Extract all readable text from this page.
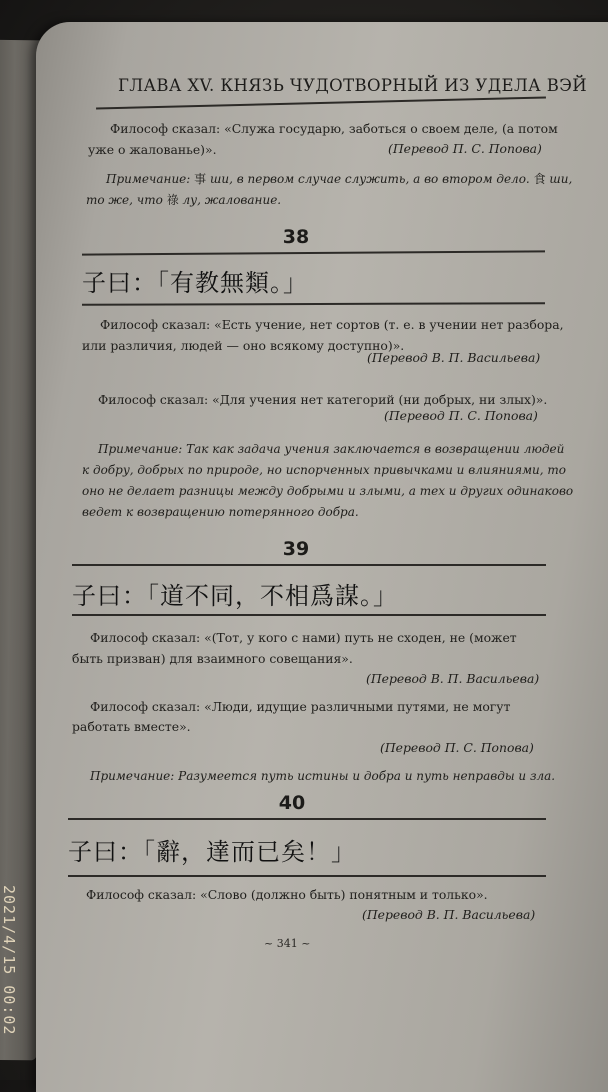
ГЛАВА XV. КНЯЗЬ ЧУДОТВОРНЫЙ ИЗ УДЕЛА ВЭЙ
Философ сказал: «Служа государю, заботься о своем деле, (а потом
уже о жалованье)».	(Перевод П. С. Попова)
Примечание: 事 ши, в первом случае служить, а во втором дело. 食 ши,
то же, что 祿 лу, жалование.
38
子曰：「有教無類。」
Философ сказал: «Есть учение, нет сортов (т. е. в учении нет разбора,
или различия, людей — оно всякому доступно)».
(Перевод В. П. Васильева)
Философ сказал: «Для учения нет категорий (ни добрых, ни злых)».
(Перевод П. С. Попова)
Примечание: Так как задача учения заключается в возвращении людей
к добру, добрых по природе, но испорченных привычками и влияниями, то
оно не делает разницы между добрыми и злыми, а тех и других одинаково
ведет к возвращению потерянного добра.
39
子曰：「道不同，不相爲謀。」
Философ сказал: «(Тот, у кого с нами) путь не сходен, не (может
быть призван) для взаимного совещания».
(Перевод В. П. Васильева)
Философ сказал: «Люди, идущие различными путями, не могут
работать вместе».
(Перевод П. С. Попова)
Примечание: Разумеется путь истины и добра и путь неправды и зла.
40
子曰：「辭，達而已矣！」
Философ сказал: «Слово (должно быть) понятным и только».
(Перевод В. П. Васильева)
~ 341 ~
2021/4/15 00:02
